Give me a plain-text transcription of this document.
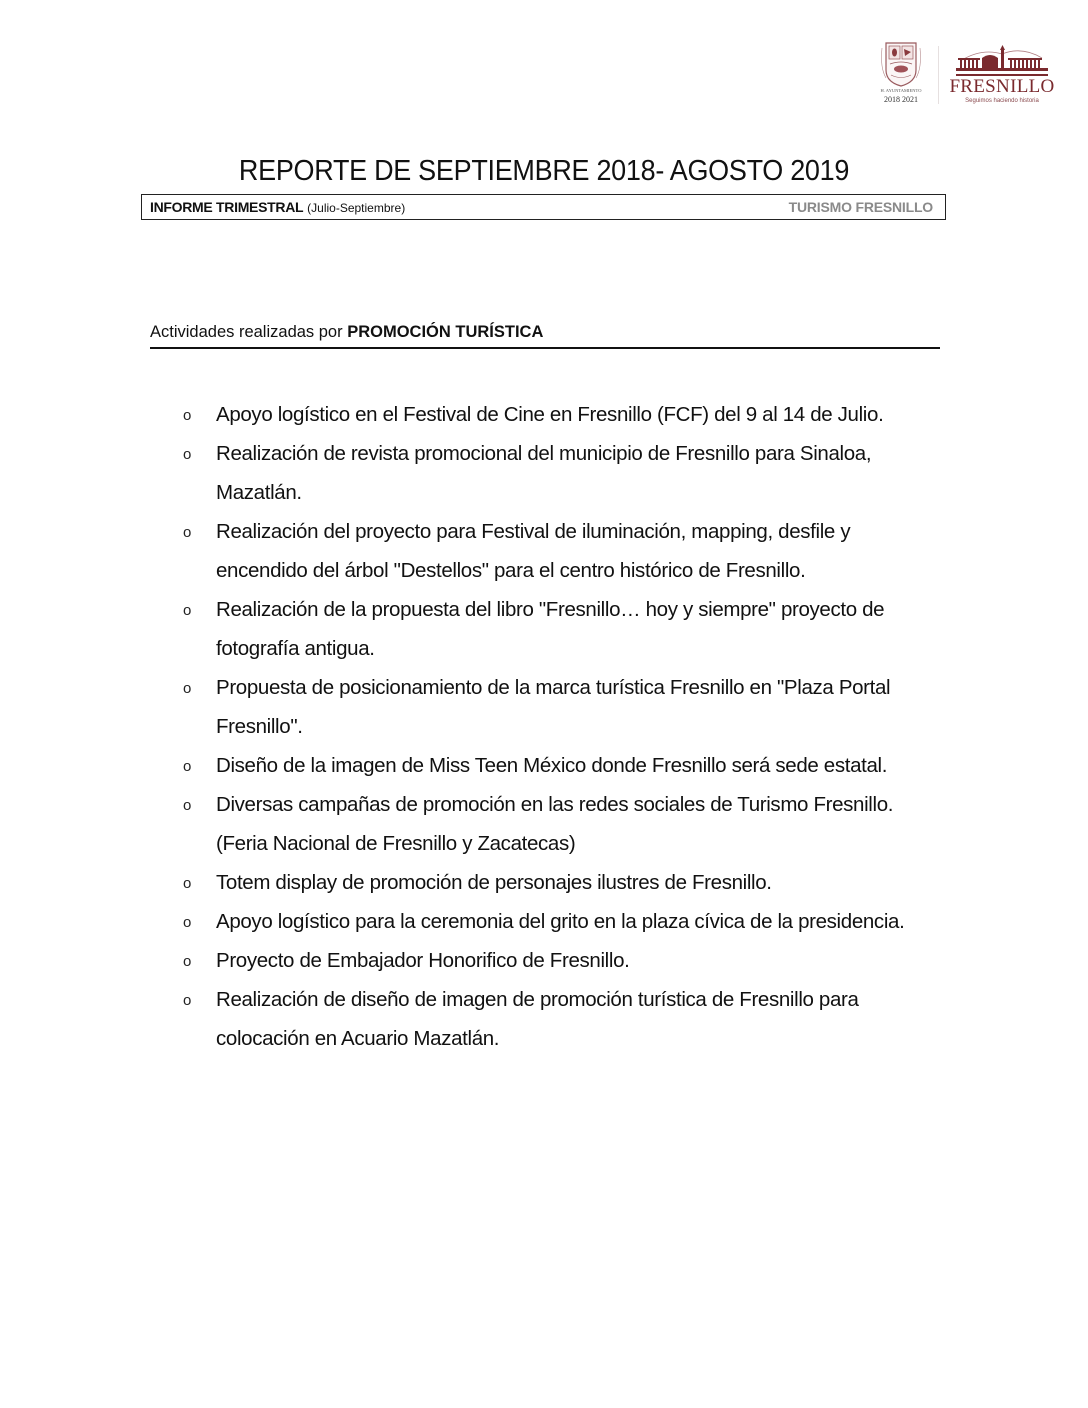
H. AYUNTAMIENTO
2018 2021
FRESNILLO
Seguimos haciendo historia
REPORTE DE SEPTIEMBRE 2018- AGOSTO 2019
INFORME TRIMESTRAL (Julio-Septiembre)	TURISMO FRESNILLO
Actividades realizadas por PROMOCIÓN TURÍSTICA
o Apoyo logístico en el Festival de Cine en Fresnillo (FCF) del 9 al 14 de Julio.
o Realización de revista promocional del municipio de Fresnillo para Sinaloa, Mazatlán.
o Realización del proyecto para Festival de iluminación, mapping, desfile y encendido del árbol "Destellos" para el centro histórico de Fresnillo.
o Realización de la propuesta del libro "Fresnillo… hoy y siempre" proyecto de fotografía antigua.
o Propuesta de posicionamiento de la marca turística Fresnillo en "Plaza Portal Fresnillo".
o Diseño de la imagen de Miss Teen México donde Fresnillo será sede estatal.
o Diversas campañas de promoción en las redes sociales de Turismo Fresnillo. (Feria Nacional de Fresnillo y Zacatecas)
o Totem display de promoción de personajes ilustres de Fresnillo.
o Apoyo logístico para la ceremonia del grito en la plaza cívica de la presidencia.
o Proyecto de Embajador Honorifico de Fresnillo.
o Realización de diseño de imagen de promoción turística de Fresnillo para colocación en Acuario Mazatlán.
